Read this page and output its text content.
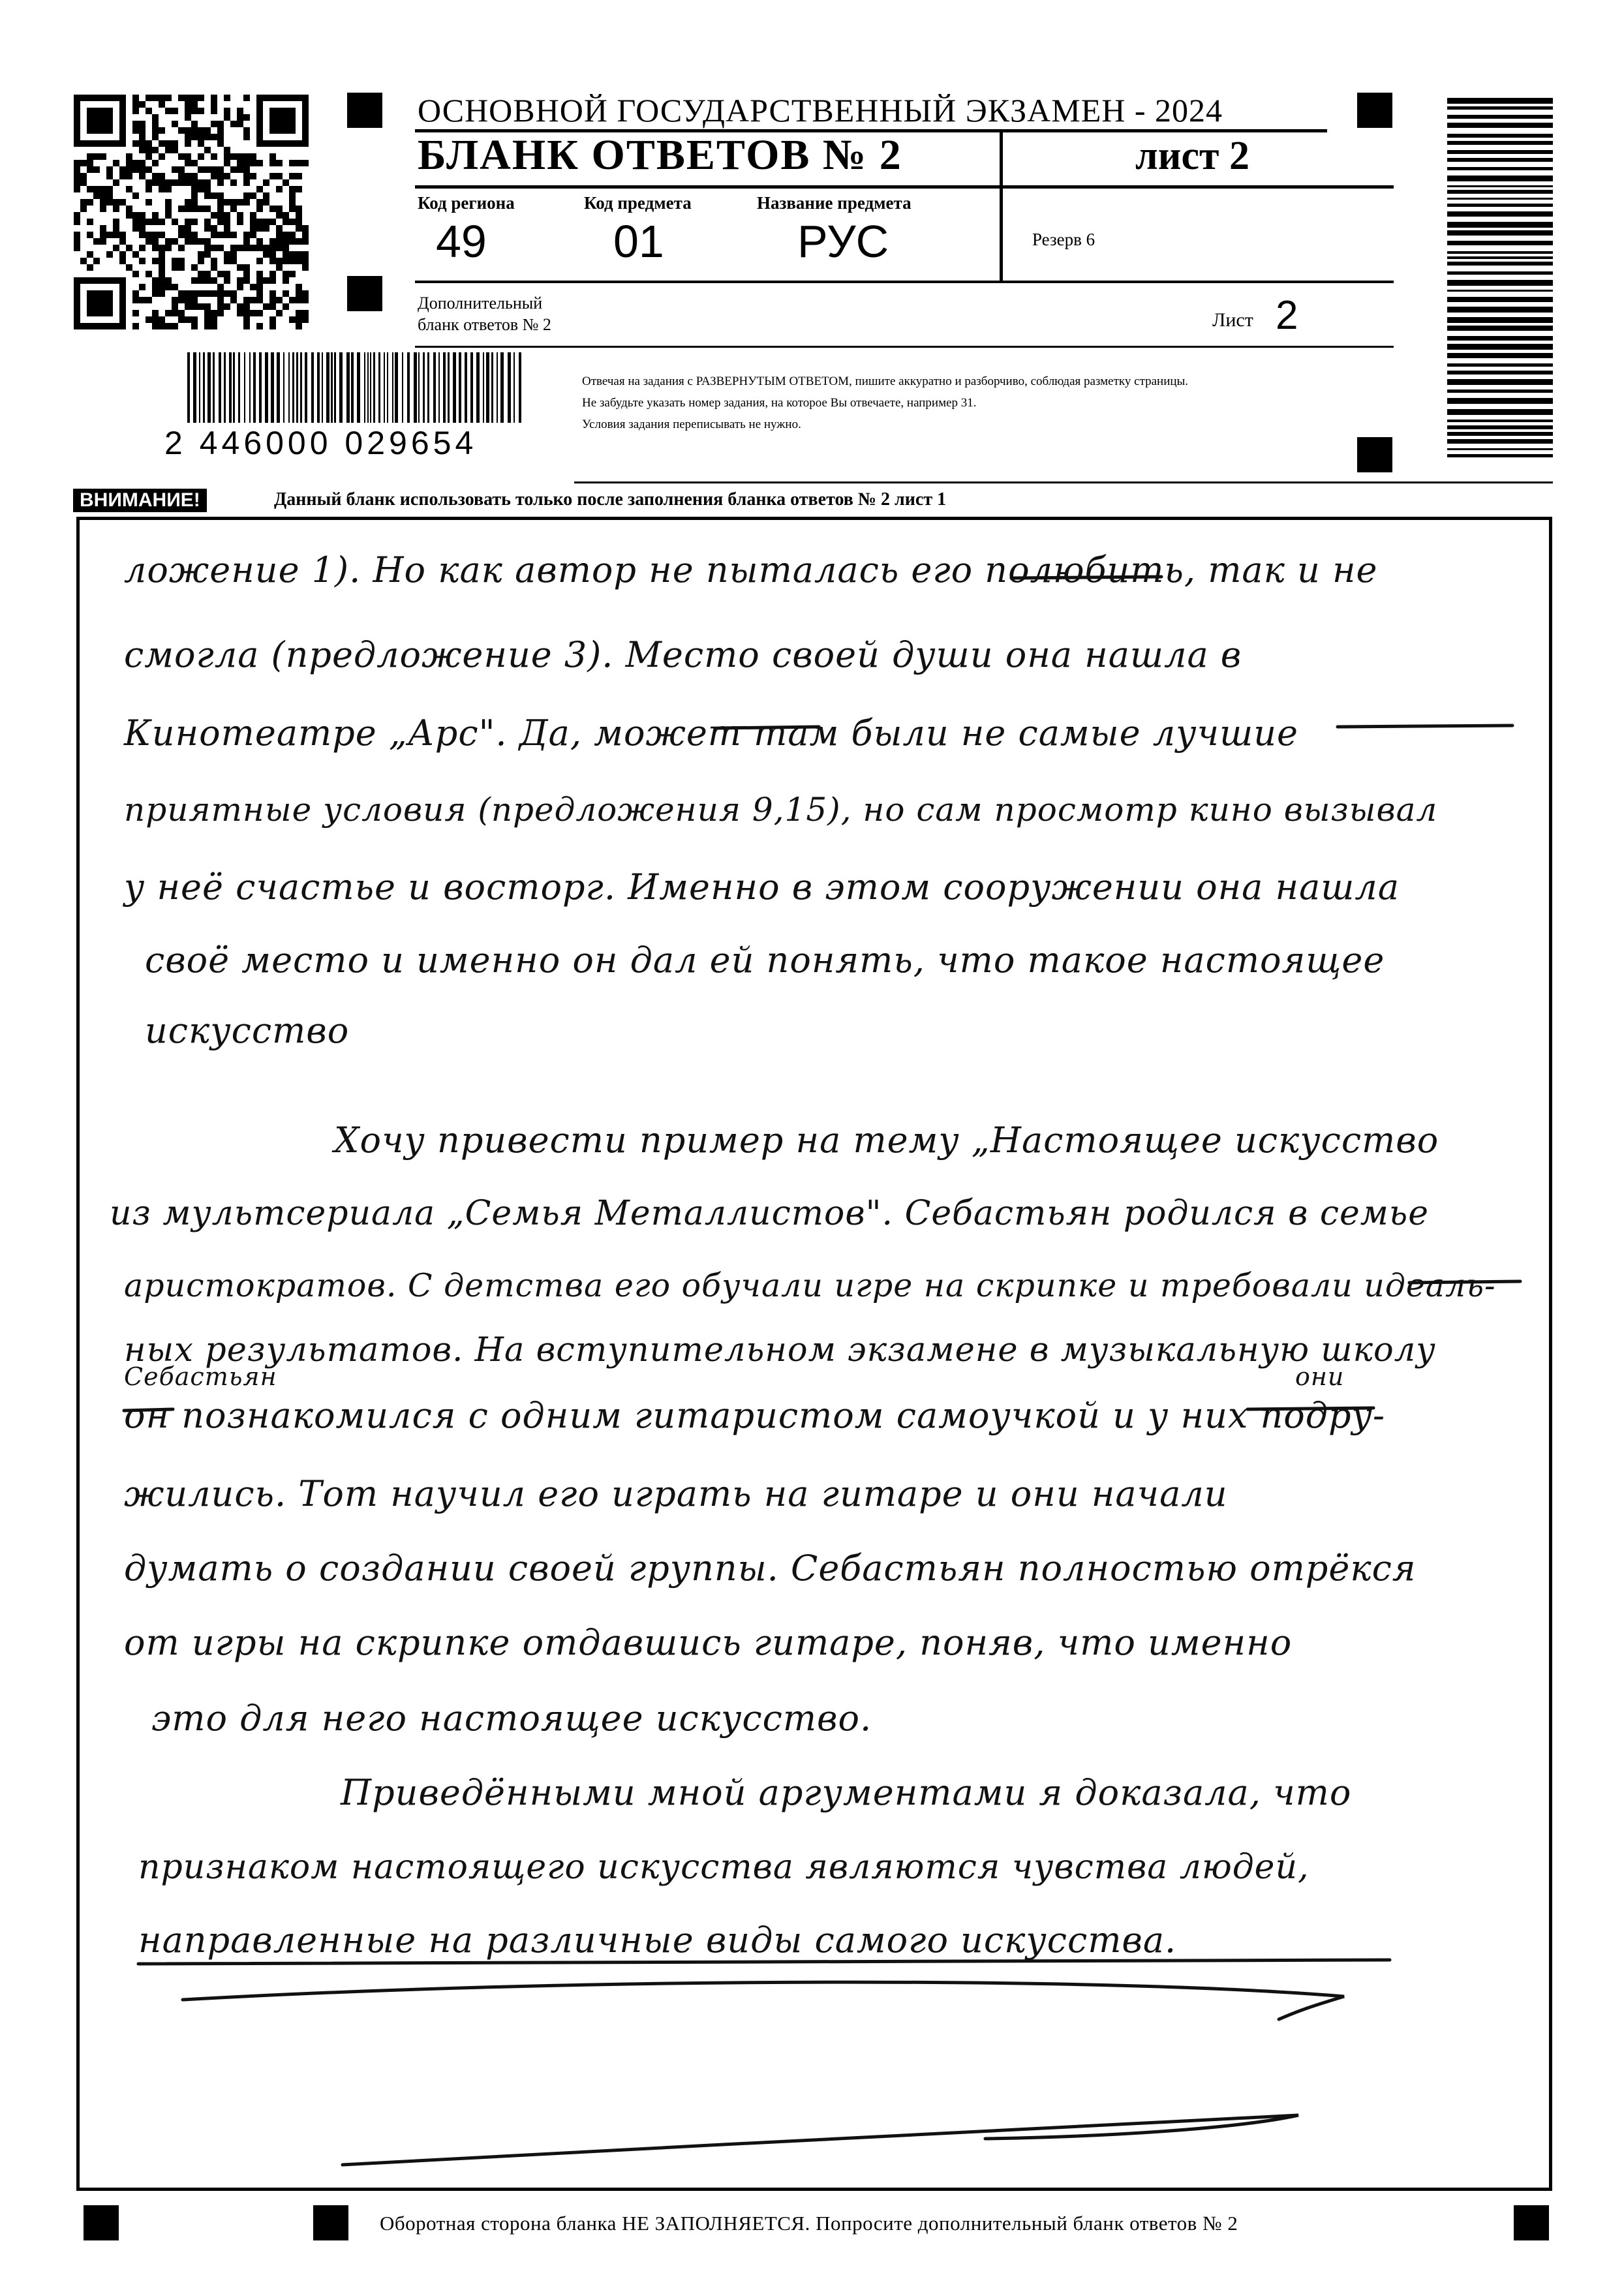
ОСНОВНОЙ ГОСУДАРСТВЕННЫЙ ЭКЗАМЕН - 2024
БЛАНК ОТВЕТОВ № 2	лист 2
Код региона	Код предмета	Название предмета
49	01	РУС	Резерв 6
Дополнительный
бланк ответов № 2	Лист 2
2 446000 029654
Отвечая на задания с РАЗВЕРНУТЫМ ОТВЕТОМ, пишите аккуратно и разборчиво, соблюдая разметку страницы.
Не забудьте указать номер задания, на которое Вы отвечаете, например 31.
Условия задания переписывать не нужно.
ВНИМАНИЕ!	Данный бланк использовать только после заполнения бланка ответов № 2 лист 1
ложение 1). Но как автор не пыталась его полюбить, так и не
смогла (предложение 3). Место своей души она нашла в
Кинотеатре „Арс". Да, может там были не самые лучшие
приятные условия (предложения 9,15), но сам просмотр кино вызывал
у неё счастье и восторг. Именно в этом сооружении она нашла
своё место и именно он дал ей понять, что такое настоящее
искусство
Хочу привести пример на тему „Настоящее искусство
из мультсериала „Семья Металлистов". Себастьян родился в семье
аристократов. С детства его обучали игре на скрипке и требовали идеаль-
ных результатов. На вступительном экзамене в музыкальную школу
Себастьян	они
он познакомился с одним гитаристом самоучкой и у них подру-
жились. Тот научил его играть на гитаре и они начали
думать о создании своей группы. Себастьян полностью отрёкся
от игры на скрипке отдавшись гитаре, поняв, что именно
это для него настоящее искусство.
Приведёнными мной аргументами я доказала, что
признаком настоящего искусства являются чувства людей,
направленные на различные виды самого искусства.
Оборотная сторона бланка НЕ ЗАПОЛНЯЕТСЯ. Попросите дополнительный бланк ответов № 2
